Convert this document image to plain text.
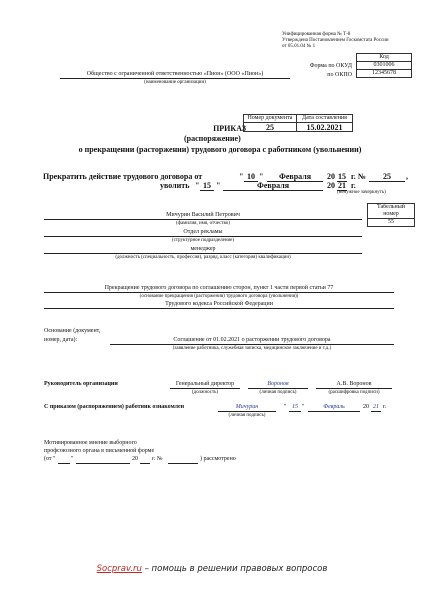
Унифицированная форма № Т-8
Утверждена Постановлением Госкомстата России
от 05.01.04 № 1
Код
0301006
12345678
Форма по ОКУД
по ОКПО
Общество с ограниченной ответственностью «Пион» (ООО «Пион»)
(наименование организации)
Номер документа	Дата составления
25	15.02.2021
ПРИКАЗ
(распоряжение)
о прекращении (расторжении) трудового договора с работником (увольнении)
Прекратить действие трудового договора от	" 10 "	Февраля	20 15 г. №	25	,
уволить " 15 "	Февраля	20 21 г.
(ненужное зачеркнуть)
Табельный номер
55
Мичурин Василий Петрович
(фамилия, имя, отчество)
Отдел рекламы
(структурное подразделение)
менеджер
(должность (специальность, профессия), разряд, класс (категория) квалификации)
Прекращение трудового договора по соглашению сторон, пункт 1 части первой статьи 77
(основание прекращения (расторжения) трудового договора (увольнения))
Трудового кодекса Российской Федерации
Основание (документ,
номер, дата):	Соглашение от 01.02.2021 о расторжении трудового договора
(заявление работника, служебная записка, медицинское заключение и т.д.)
Руководитель организации	Генеральный директор
(должность)
Воронов
(личная подпись)
А.В. Воронов
(расшифровка подписи)
С приказом (распоряжением) работник ознакомлен	Мичурин
(личная подпись)
" 15 "	Февраль	20 21 г.
Мотивированное мнение выборного
профсоюзного органа в письменной форме
(от "	"	20 г. №	) рассмотрено
Socprav.ru – помощь в решении правовых вопросов
